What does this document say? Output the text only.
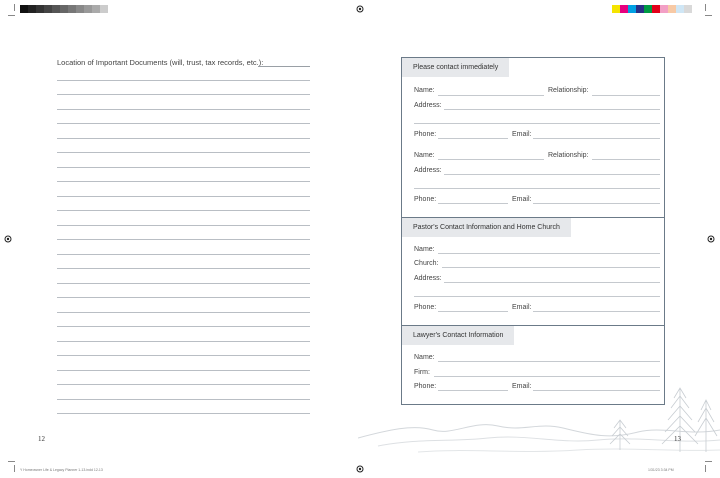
Location of Important Documents (will, trust, tax records, etc.):
12
Please contact immediately
Name:	Relationship:
Address:
Phone:	Email:
Name:	Relationship:
Address:
Phone:	Email:
Pastor's Contact Information and Home Church
Name:
Church:
Address:
Phone:	Email:
Lawyer's Contact Information
Name:
Firm:
Phone:	Email:
13
Y Homeowner Life & Legacy Planner 1-13.indd 12-13	1/31/23 3:34 PM
